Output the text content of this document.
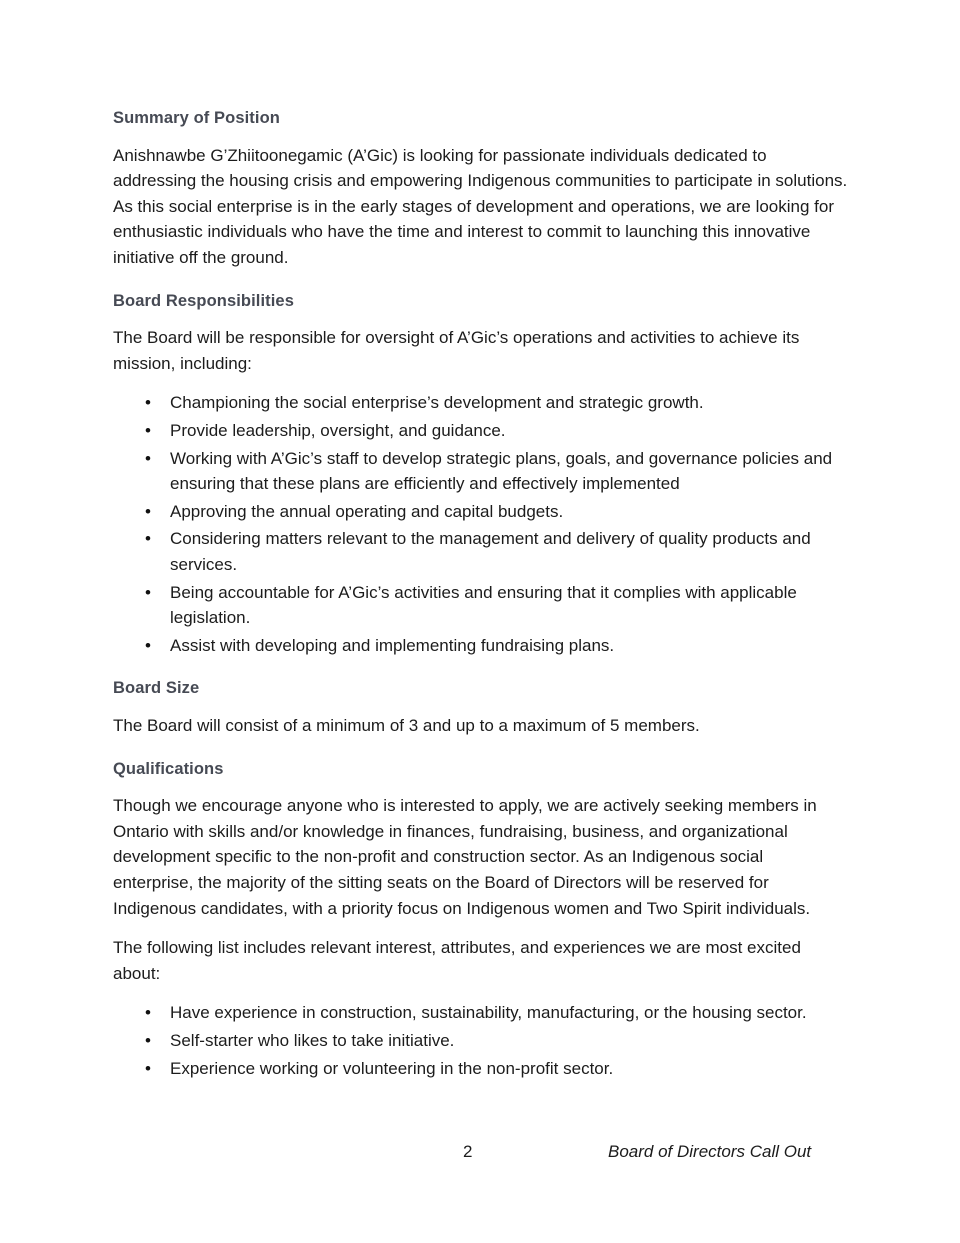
Summary of Position

Anishnawbe G’Zhiitoonegamic (A’Gic) is looking for passionate individuals dedicated to addressing the housing crisis and empowering Indigenous communities to participate in solutions. As this social enterprise is in the early stages of development and operations, we are looking for enthusiastic individuals who have the time and interest to commit to launching this innovative initiative off the ground.

Board Responsibilities

The Board will be responsible for oversight of A’Gic’s operations and activities to achieve its mission, including:

• Championing the social enterprise’s development and strategic growth.
• Provide leadership, oversight, and guidance.
• Working with A’Gic’s staff to develop strategic plans, goals, and governance policies and ensuring that these plans are efficiently and effectively implemented
• Approving the annual operating and capital budgets.
• Considering matters relevant to the management and delivery of quality products and services.
• Being accountable for A’Gic’s activities and ensuring that it complies with applicable legislation.
• Assist with developing and implementing fundraising plans.
Board Size

The Board will consist of a minimum of 3 and up to a maximum of 5 members.

Qualifications

Though we encourage anyone who is interested to apply, we are actively seeking members in Ontario with skills and/or knowledge in finances, fundraising, business, and organizational development specific to the non-profit and construction sector. As an Indigenous social enterprise, the majority of the sitting seats on the Board of Directors will be reserved for Indigenous candidates, with a priority focus on Indigenous women and Two Spirit individuals.

The following list includes relevant interest, attributes, and experiences we are most excited about:

• Have experience in construction, sustainability, manufacturing, or the housing sector.
• Self-starter who likes to take initiative.
• Experience working or volunteering in the non-profit sector.
2	Board of Directors Call Out
